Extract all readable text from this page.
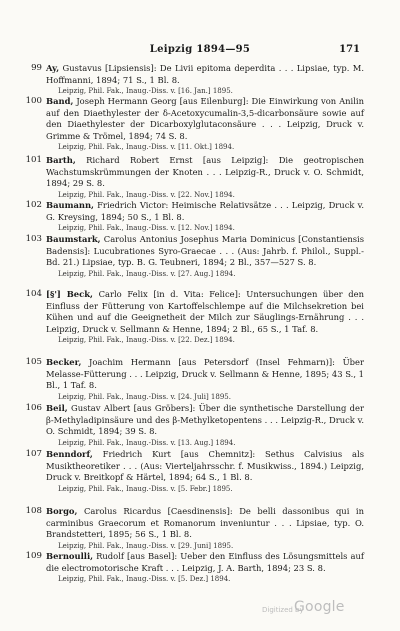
Leipzig 1894—95	171
99 Ay, Gustavus [Lipsiensis]: De Livii epitoma deperdita . . . Lipsiae, typ. M. Hoffmanni, 1894; 71 S., 1 Bl. 8.
Leipzig, Phil. Fak., Inaug.-Diss. v. [16. Jan.] 1895.
100 Band, Joseph Hermann Georg [aus Eilenburg]: Die Einwirkung von Anilin auf den Diaethylester der δ-Acetoxycumalin-3,5-dicarbonsäure sowie auf den Diaethylester der Dicarboxylglutaconsäure . . . Leipzig, Druck v. Grimme & Trömel, 1894; 74 S. 8.
Leipzig, Phil. Fak., Inaug.-Diss. v. [11. Okt.] 1894.
101 Barth, Richard Robert Ernst [aus Leipzig]: Die geotropischen Wachstumskrümmungen der Knoten . . . Leipzig-R., Druck v. O. Schmidt, 1894; 29 S. 8.
Leipzig, Phil. Fak., Inaug.-Diss. v. [22. Nov.] 1894.
102 Baumann, Friedrich Victor: Heimische Relativsätze . . . Leipzig, Druck v. G. Kreysing, 1894; 50 S., 1 Bl. 8.
Leipzig, Phil. Fak., Inaug.-Diss. v. [12. Nov.] 1894.
103 Baumstark, Carolus Antonius Josephus Maria Dominicus [Constantiensis Badensis]: Lucubrationes Syro-Graecae . . . (Aus: Jahrb. f. Philol., Suppl.-Bd. 21.) Lipsiae, typ. B. G. Teubneri, 1894; 2 Bl., 357—527 S. 8.
Leipzig, Phil. Fak., Inaug.-Diss. v. [27. Aug.] 1894.
104 [§'] Beck, Carlo Felix [in d. Vita: Felice]: Untersuchungen über den Einfluss der Fütterung von Kartoffelschlempe auf die Milchsekretion bei Kühen und auf die Geeignetheit der Milch zur Säuglings-Ernährung . . . Leipzig, Druck v. Sellmann & Henne, 1894; 2 Bl., 65 S., 1 Taf. 8.
Leipzig, Phil. Fak., Inaug.-Diss. v. [22. Dez.] 1894.
105 Becker, Joachim Hermann [aus Petersdorf (Insel Fehmarn)]: Über Melasse-Fütterung . . . Leipzig, Druck v. Sellmann & Henne, 1895; 43 S., 1 Bl., 1 Taf. 8.
Leipzig, Phil. Fak., Inaug.-Diss. v. [24. Juli] 1895.
106 Beil, Gustav Albert [aus Gröbers]: Über die synthetische Darstellung der β-Methyladipinsäure und des β-Methylketopentens . . . Leipzig-R., Druck v. O. Schmidt, 1894; 39 S. 8.
Leipzig, Phil. Fak., Inaug.-Diss. v. [13. Aug.] 1894.
107 Benndorf, Friedrich Kurt [aus Chemnitz]: Sethus Calvisius als Musiktheoretiker . . . (Aus: Vierteljahrsschr. f. Musikwiss., 1894.) Leipzig, Druck v. Breitkopf & Härtel, 1894; 64 S., 1 Bl. 8.
Leipzig, Phil. Fak., Inaug.-Diss. v. [5. Febr.] 1895.
108 Borgo, Carolus Ricardus [Caesdinensis]: De belli dassonibus qui in carminibus Graecorum et Romanorum inveniuntur . . . Lipsiae, typ. O. Brandstetteri, 1895; 56 S., 1 Bl. 8.
Leipzig, Phil. Fak., Inaug.-Diss. v. [29. Juni] 1895.
109 Bernoulli, Rudolf [aus Basel]: Ueber den Einfluss des Lösungsmittels auf die electromotorische Kraft . . . Leipzig, J. A. Barth, 1894; 23 S. 8.
Leipzig, Phil. Fak., Inaug.-Diss. v. [5. Dez.] 1894.
Digitized by
Google
